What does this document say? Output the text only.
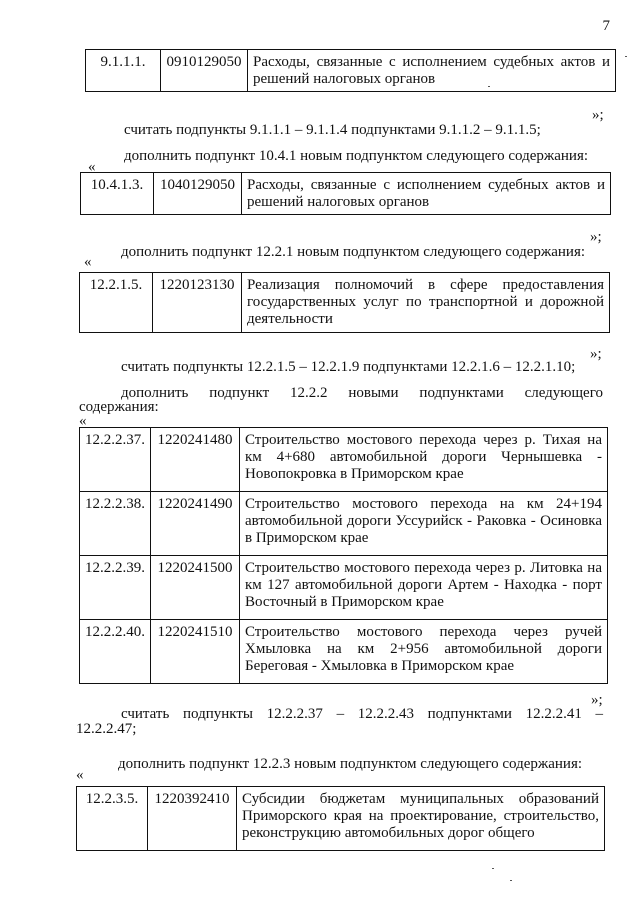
7
9.1.1.1.	0910129050	Расходы, связанные с исполнением судебных актов и решений налоговых органов
»;
считать подпункты 9.1.1.1 – 9.1.1.4 подпунктами 9.1.1.2 – 9.1.1.5;
дополнить подпункт 10.4.1 новым подпунктом следующего содержания:
«
10.4.1.3.	1040129050	Расходы, связанные с исполнением судебных актов и решений налоговых органов
»;
дополнить подпункт 12.2.1 новым подпунктом следующего содержания:
«
12.2.1.5.	1220123130	Реализация полномочий в сфере предоставления государственных услуг по транспортной и дорожной деятельности
»;
считать подпункты 12.2.1.5 – 12.2.1.9 подпунктами 12.2.1.6 – 12.2.1.10;
дополнить подпункт 12.2.2 новыми подпунктами следующего
содержания:
«
12.2.2.37.	1220241480	Строительство мостового перехода через р. Тихая на км 4+680 автомобильной дороги Чернышевка - Новопокровка в Приморском крае
12.2.2.38.	1220241490	Строительство мостового перехода на км 24+194 автомобильной дороги Уссурийск - Раковка - Осиновка в Приморском крае
12.2.2.39.	1220241500	Строительство мостового перехода через р. Литовка на км 127 автомобильной дороги Артем - Находка - порт Восточный в Приморском крае
12.2.2.40.	1220241510	Строительство мостового перехода через ручей Хмыловка на км 2+956 автомобильной дороги Береговая - Хмыловка в Приморском крае
»;
считать подпункты 12.2.2.37 – 12.2.2.43 подпунктами 12.2.2.41 –
12.2.2.47;
дополнить подпункт 12.2.3 новым подпунктом следующего содержания:
«
12.2.3.5.	1220392410	Субсидии бюджетам муниципальных образований Приморского края на проектирование, строительство, реконструкцию автомобильных дорог общего
